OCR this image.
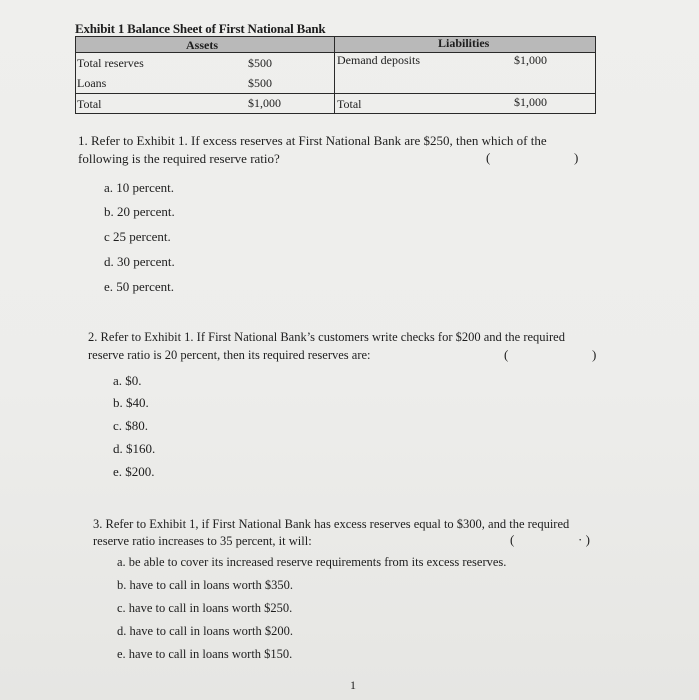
Exhibit 1 Balance Sheet of First National Bank
Assets	Liabilities
Total reserves	$500	Demand deposits	$1,000
Loans	$500
Total	$1,000	Total	$1,000
1. Refer to Exhibit 1. If excess reserves at First National Bank are $250, then which of the
following is the required reserve ratio?	(	)
a. 10 percent.
b. 20 percent.
c 25 percent.
d. 30 percent.
e. 50 percent.
2. Refer to Exhibit 1. If First National Bank’s customers write checks for $200 and the required
reserve ratio is 20 percent, then its required reserves are:	(	)
a. $0.
b. $40.
c. $80.
d. $160.
e. $200.
3. Refer to Exhibit 1, if First National Bank has excess reserves equal to $300, and the required
reserve ratio increases to 35 percent, it will:	(	· )
a. be able to cover its increased reserve requirements from its excess reserves.
b. have to call in loans worth $350.
c. have to call in loans worth $250.
d. have to call in loans worth $200.
e. have to call in loans worth $150.
1
